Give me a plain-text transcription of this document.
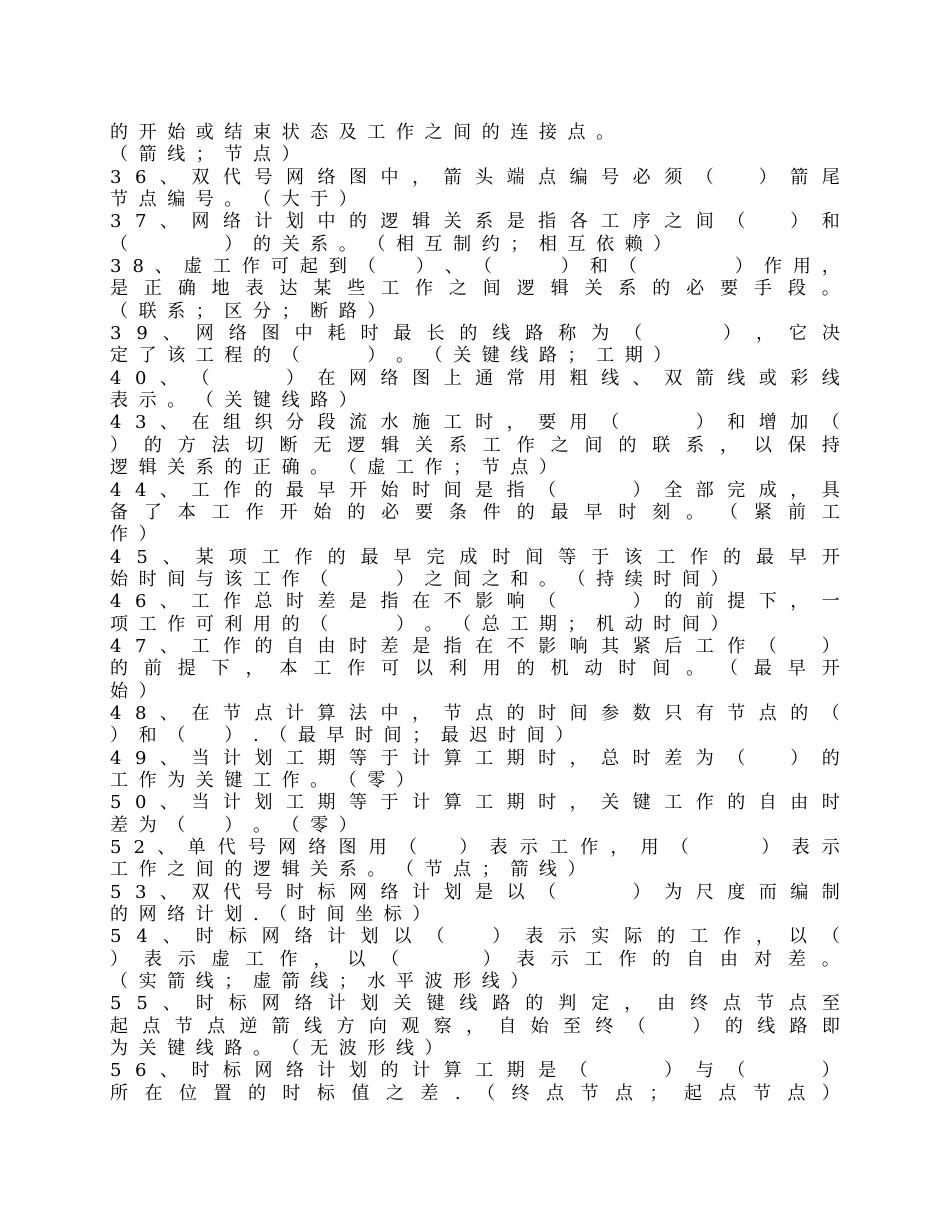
的 开 始 或 结 束 状 态 及 工 作 之 间 的 连 接 点 。
（ 箭 线 ； 节 点 ）
3 6 、 双 代 号 网 络 图 中 ， 箭 头 端 点 编 号 必 须 （
　	） 箭 尾
节 点 编 号 。 （ 大 于 ）
3 7 、 网 络 计 划 中 的 逻 辑 关 系 是 指 各 工 序 之 间 （
　	） 和
（

　	） 的 关 系 。 （ 相 互 制 约 ； 相 互 依 赖 ）
3 8 、 虚 工 作 可 起 到 （
　 ） 、 （

　	） 和 （

　	） 作 用 ，
是 正 确 地 表 达 某 些 工 作 之 间 逻 辑 关 系 的 必 要 手 段 。
（ 联 系 ； 区 分 ； 断 路 ）
3 9 、 网 络 图 中 耗 时 最 长 的 线 路 称 为 （

　	） ， 它 决
定 了 该 工 程 的 （

　	） 。 （ 关 键 线 路 ； 工 期 ）
4 0 、 （

　	） 在 网 络 图 上 通 常 用 粗 线 、 双 箭 线 或 彩 线
表 示 。 （ 关 键 线 路 ）
4 3 、 在 组 织 分 段 流 水 施 工 时 ， 要 用 （

　	） 和 增 加 （
） 的 方 法 切 断 无 逻 辑 关 系 工 作 之 间 的 联 系 ， 以 保 持
逻 辑 关 系 的 正 确 。 （ 虚 工 作 ； 节 点 ）
4 4 、 工 作 的 最 早 开 始 时 间 是 指 （

　	） 全 部 完 成 ， 具
备 了 本 工 作 开 始 的 必 要 条 件 的 最 早 时 刻 。 （ 紧 前 工
作 ）
4 5 、 某 项 工 作 的 最 早 完 成 时 间 等 于 该 工 作 的 最 早 开
始 时 间 与 该 工 作 （

　	） 之 间 之 和 。 （ 持 续 时 间 ）
4 6 、 工 作 总 时 差 是 指 在 不 影 响 （

　	） 的 前 提 下 ， 一
项 工 作 可 利 用 的 （

　	） 。 （ 总 工 期 ； 机 动 时 间 ）
4 7 、 工 作 的 自 由 时 差 是 指 在 不 影 响 其 紧 后 工 作 （
　	）
的 前 提 下 ， 本 工 作 可 以 利 用 的 机 动 时 间 。 （ 最 早 开
始 ）
4 8 、 在 节 点 计 算 法 中 ， 节 点 的 时 间 参 数 只 有 节 点 的 （
） 和 （
　 ） . （ 最 早 时 间 ； 最 迟 时 间 ）
4 9 、 当 计 划 工 期 等 于 计 算 工 期 时 ， 总 时 差 为 （
　	） 的
工 作 为 关 键 工 作 。 （ 零 ）
5 0 、 当 计 划 工 期 等 于 计 算 工 期 时 ， 关 键 工 作 的 自 由 时
差 为 （
　 ） 。 （ 零 ）
5 2 、 单 代 号 网 络 图 用 （
　 ） 表 示 工 作 ， 用 （

　	） 表 示
工 作 之 间 的 逻 辑 关 系 。 （ 节 点 ； 箭 线 ）
5 3 、 双 代 号 时 标 网 络 计 划 是 以 （

　	） 为 尺 度 而 编 制
的 网 络 计 划 . （ 时 间 坐 标 ）
5 4 、 时 标 网 络 计 划 以 （
　	） 表 示 实 际 的 工 作 ， 以 （
） 表 示 虚 工 作 ， 以 （

　	） 表 示 工 作 的 自 由 对 差 。
（ 实 箭 线 ； 虚 箭 线 ； 水 平 波 形 线 ）
5 5 、 时 标 网 络 计 划 关 键 线 路 的 判 定 ， 由 终 点 节 点 至
起 点 节 点 逆 箭 线 方 向 观 察 ， 自 始 至 终 （
　	） 的 线 路 即
为 关 键 线 路 。 （ 无 波 形 线 ）
5 6 、 时 标 网 络 计 划 的 计 算 工 期 是 （

　	） 与 （

　	）
所 在 位 置 的 时 标 值 之 差 . （ 终 点 节 点 ； 起 点 节 点 ）
